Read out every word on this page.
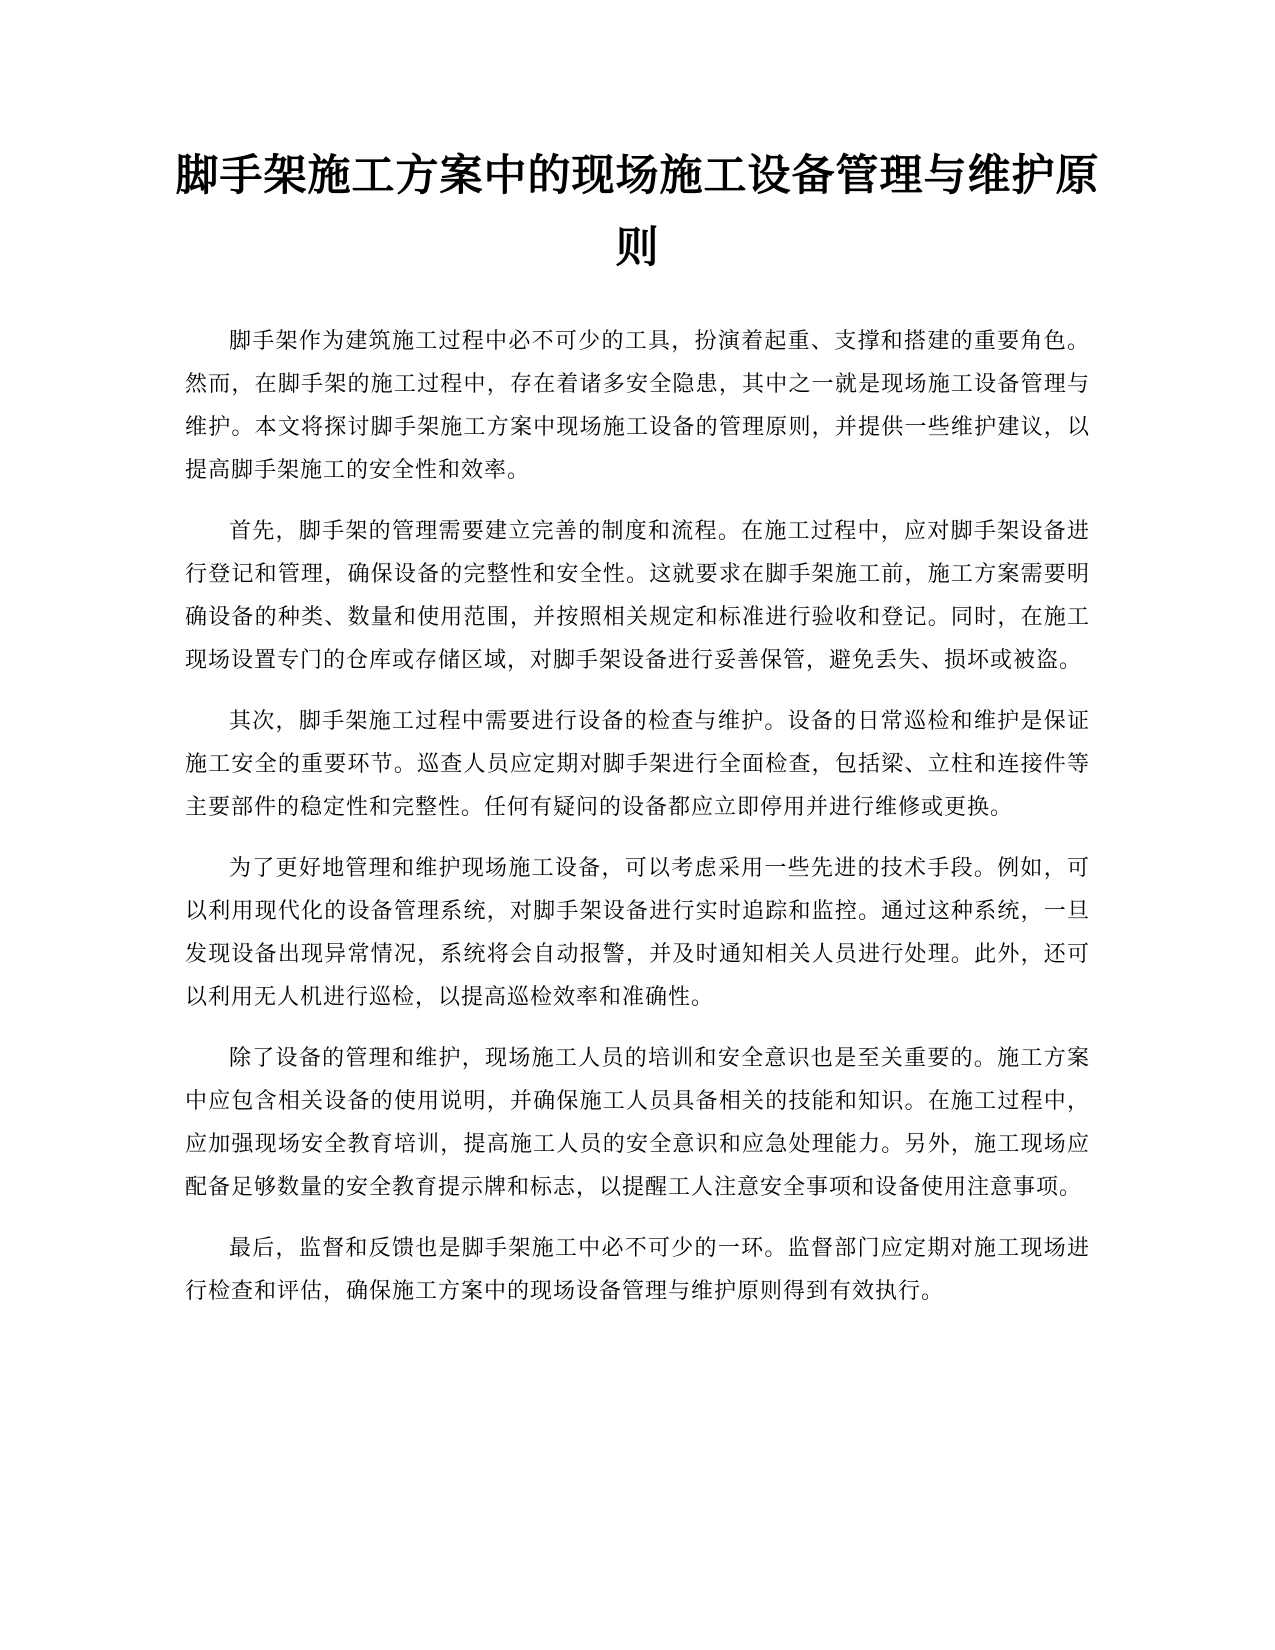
脚手架施工方案中的现场施工设备管理与维护原则

脚手架作为建筑施工过程中必不可少的工具，扮演着起重、支撑和搭建的重要角色。然而，在脚手架的施工过程中，存在着诸多安全隐患，其中之一就是现场施工设备管理与维护。本文将探讨脚手架施工方案中现场施工设备的管理原则，并提供一些维护建议，以提高脚手架施工的安全性和效率。

首先，脚手架的管理需要建立完善的制度和流程。在施工过程中，应对脚手架设备进行登记和管理，确保设备的完整性和安全性。这就要求在脚手架施工前，施工方案需要明确设备的种类、数量和使用范围，并按照相关规定和标准进行验收和登记。同时，在施工现场设置专门的仓库或存储区域，对脚手架设备进行妥善保管，避免丢失、损坏或被盗。

其次，脚手架施工过程中需要进行设备的检查与维护。设备的日常巡检和维护是保证施工安全的重要环节。巡查人员应定期对脚手架进行全面检查，包括梁、立柱和连接件等主要部件的稳定性和完整性。任何有疑问的设备都应立即停用并进行维修或更换。

为了更好地管理和维护现场施工设备，可以考虑采用一些先进的技术手段。例如，可以利用现代化的设备管理系统，对脚手架设备进行实时追踪和监控。通过这种系统，一旦发现设备出现异常情况，系统将会自动报警，并及时通知相关人员进行处理。此外，还可以利用无人机进行巡检，以提高巡检效率和准确性。

除了设备的管理和维护，现场施工人员的培训和安全意识也是至关重要的。施工方案中应包含相关设备的使用说明，并确保施工人员具备相关的技能和知识。在施工过程中，应加强现场安全教育培训，提高施工人员的安全意识和应急处理能力。另外，施工现场应配备足够数量的安全教育提示牌和标志，以提醒工人注意安全事项和设备使用注意事项。

最后，监督和反馈也是脚手架施工中必不可少的一环。监督部门应定期对施工现场进行检查和评估，确保施工方案中的现场设备管理与维护原则得到有效执行。
